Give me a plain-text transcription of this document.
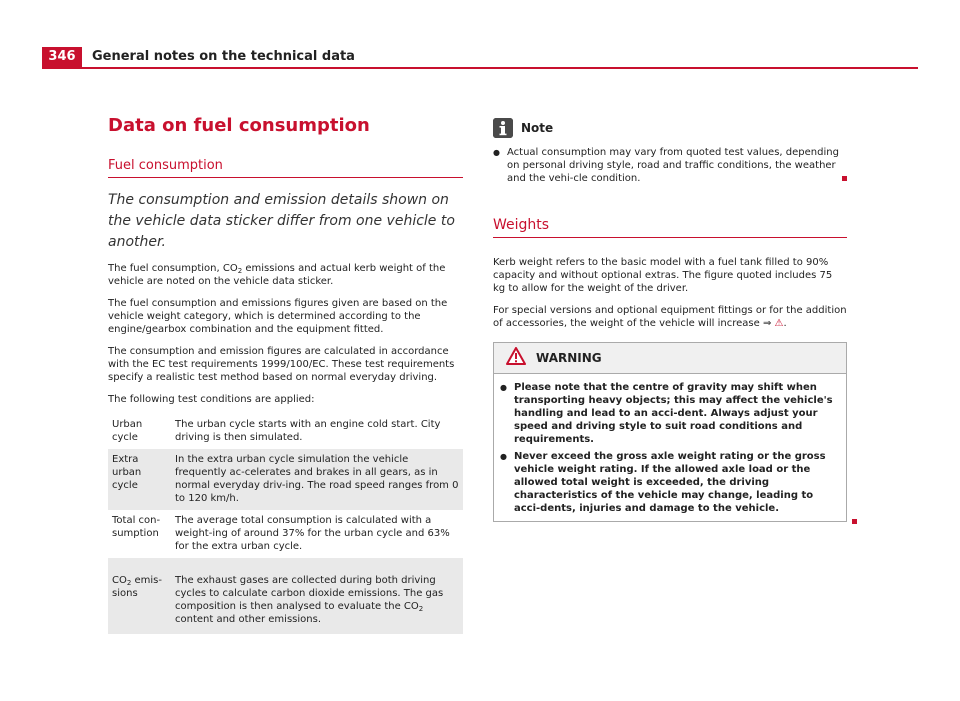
346	General notes on the technical data
Data on fuel consumption
Fuel consumption
The consumption and emission details shown on the vehicle data sticker differ from one vehicle to another.

The fuel consumption, $CO_2$ emissions and actual kerb weight of the vehicle are noted on the vehicle data sticker.

The fuel consumption and emissions figures given are based on the vehicle weight category, which is determined according to the engine/gearbox combination and the equipment fitted.

The consumption and emission figures are calculated in accordance with the EC test requirements 1999/100/EC. These test requirements specify a realistic test method based on normal everyday driving.

The following test conditions are applied:

Urban cycle	The urban cycle starts with an engine cold start. City driving is then simulated.
Extra urban cycle	In the extra urban cycle simulation the vehicle frequently ac-celerates and brakes in all gears, as in normal everyday driv-ing. The road speed ranges from 0 to 120 km/h.
Total con-sumption	The average total consumption is calculated with a weight-ing of around 37% for the urban cycle and 63% for the extra urban cycle.
$CO_2$ emis-sions	The exhaust gases are collected during both driving cycles to calculate carbon dioxide emissions. The gas composition is then analysed to evaluate the $CO_2$ content and other emissions.
Note

● Actual consumption may vary from quoted test values, depending on personal driving style, road and traffic conditions, the weather and the vehi-cle condition.

Weights

Kerb weight refers to the basic model with a fuel tank filled to 90% capacity and without optional extras. The figure quoted includes 75 kg to allow for the weight of the driver.

For special versions and optional equipment fittings or for the addition of accessories, the weight of the vehicle will increase ⇒ ⚠.

WARNING

● Please note that the centre of gravity may shift when transporting heavy objects; this may affect the vehicle's handling and lead to an acci-dent. Always adjust your speed and driving style to suit road conditions and requirements.

● Never exceed the gross axle weight rating or the gross vehicle weight rating. If the allowed axle load or the allowed total weight is exceeded, the driving characteristics of the vehicle may change, leading to acci-dents, injuries and damage to the vehicle.
